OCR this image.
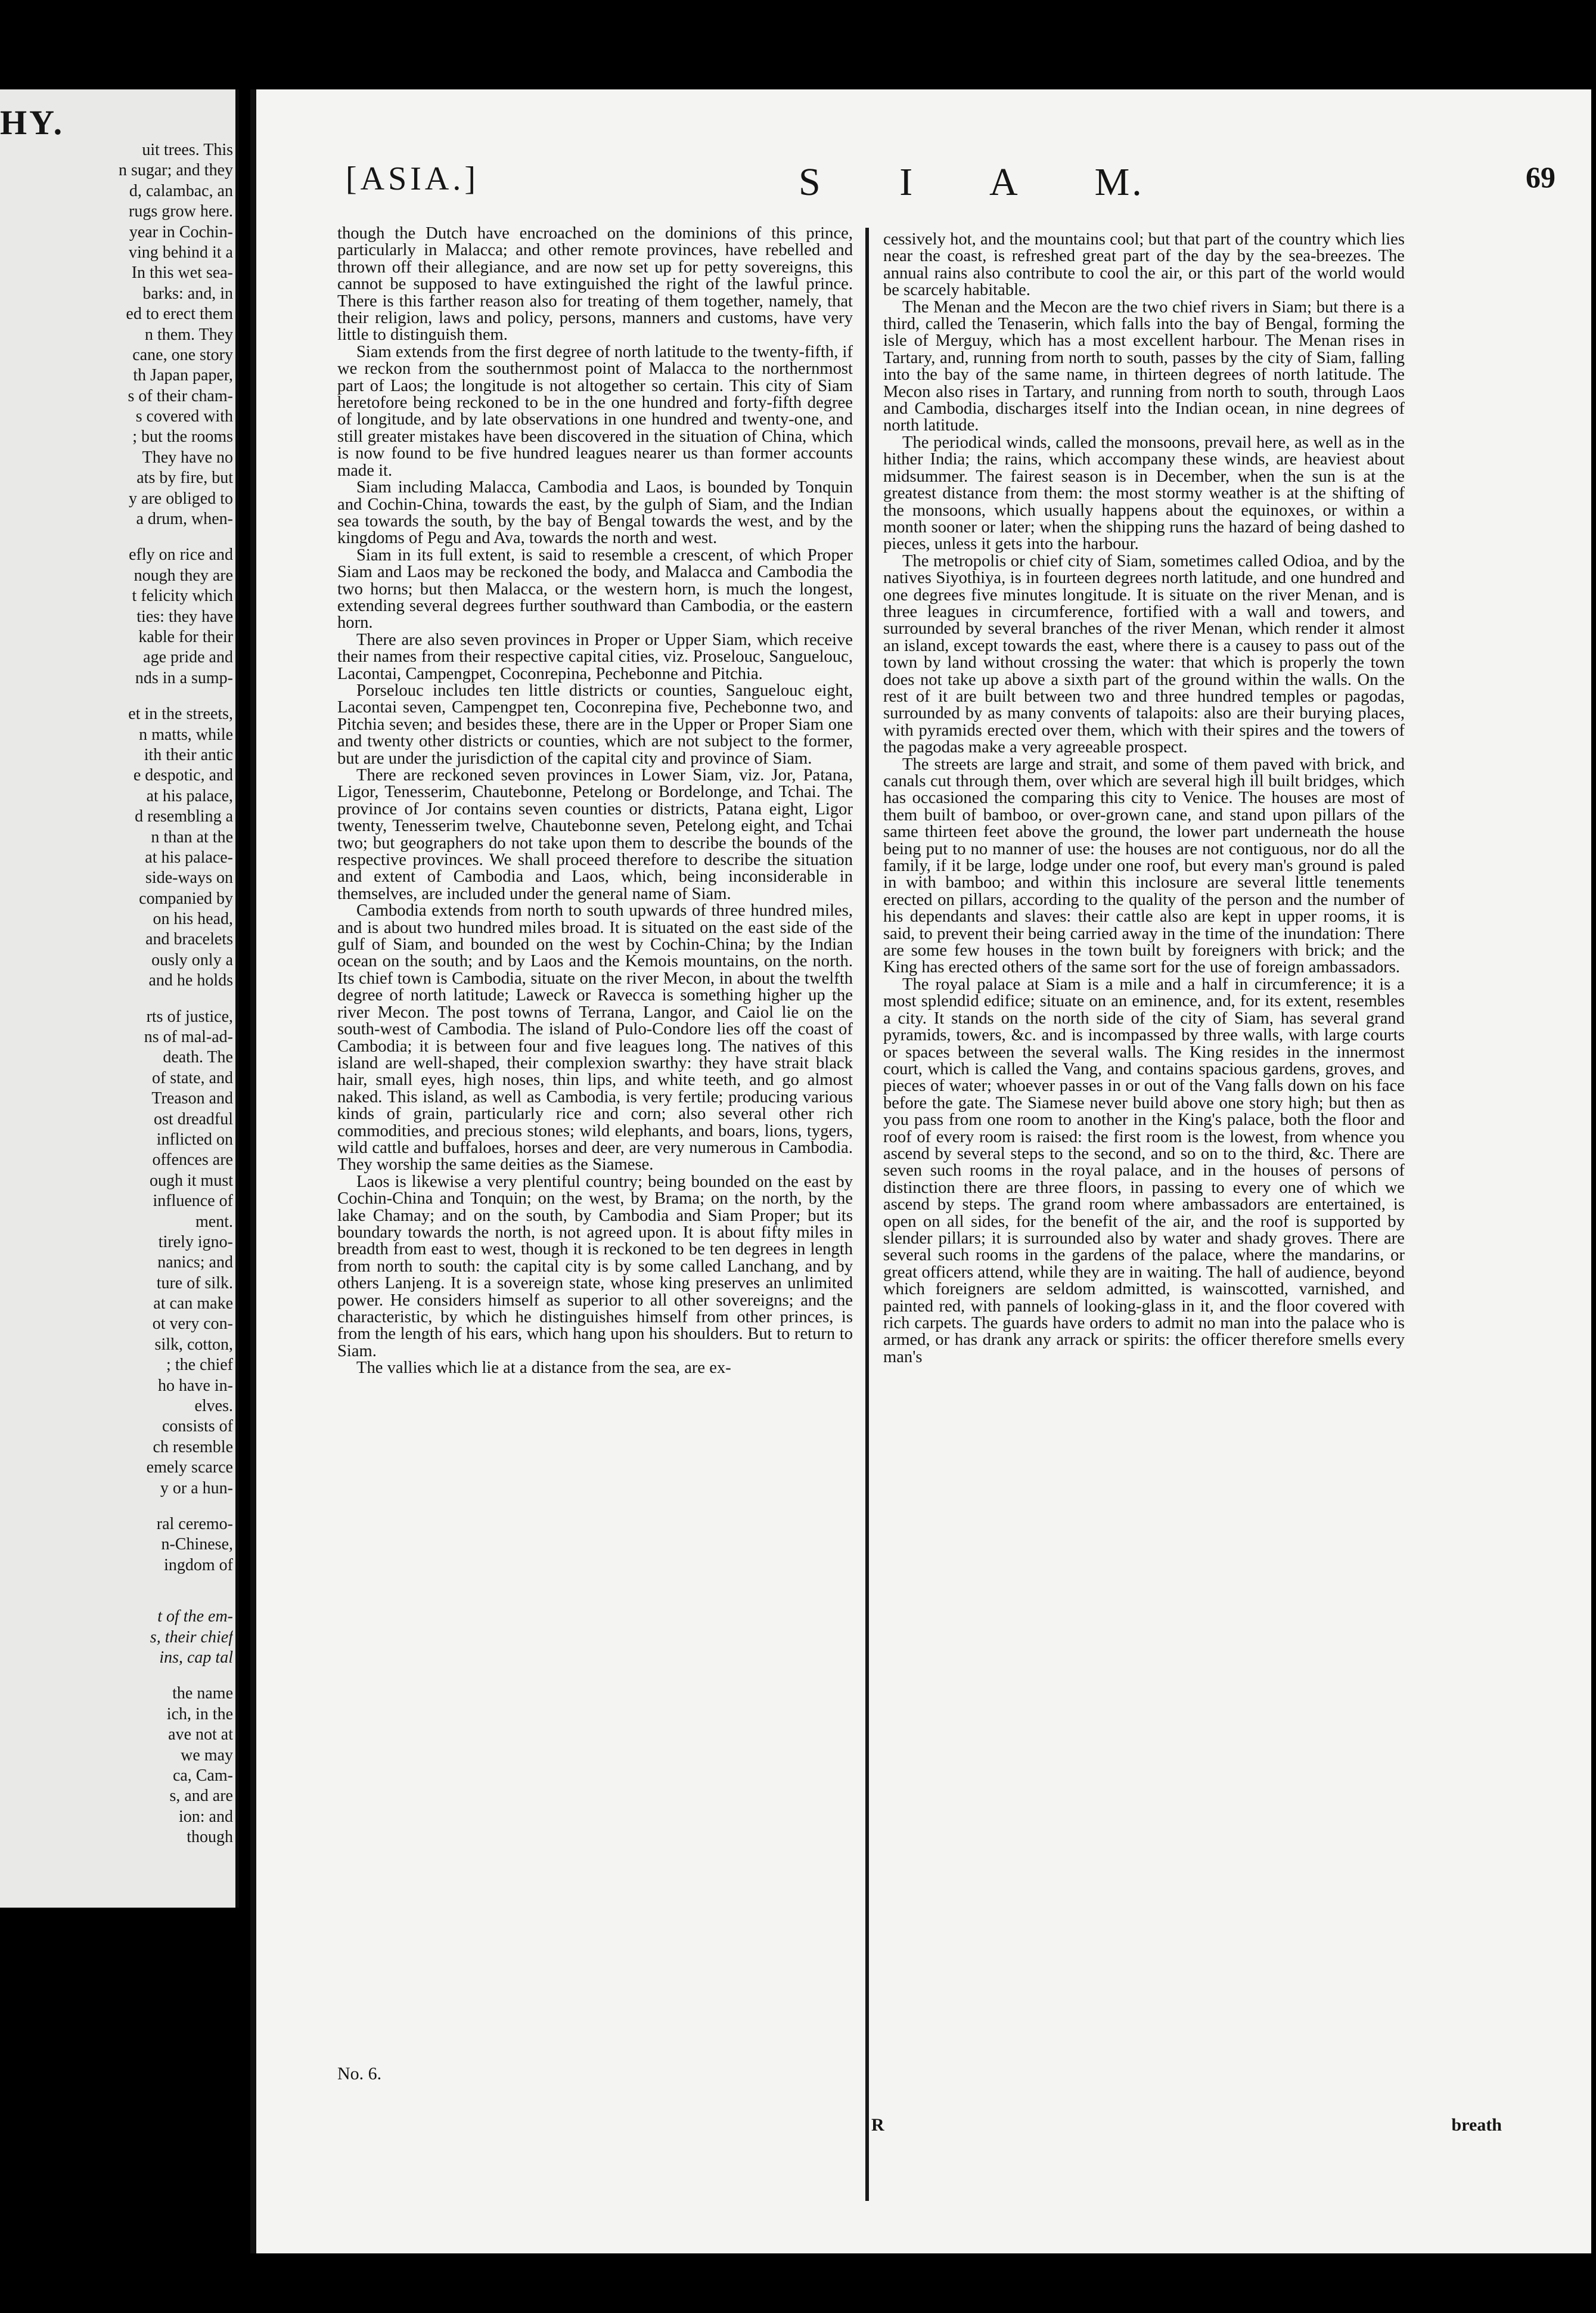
HY.
uit trees. This
n sugar; and they
d, calambac, an
rugs grow here.
year in Cochin-
ving behind it a
In this wet sea-
barks: and, in
ed to erect them
n them. They
cane, one story
th Japan paper,
s of their cham-
s covered with
; but the rooms
They have no
ats by fire, but
y are obliged to
a drum, when-
efly on rice and
nough they are
t felicity which
ties: they have
kable for their
age pride and
nds in a sump-
et in the streets,
n matts, while
ith their antic
e despotic, and
at his palace,
d resembling a
n than at the
at his palace-
side-ways on
companied by
on his head,
and bracelets
ously only a
and he holds
rts of justice,
ns of mal-ad-
death. The
of state, and
Treason and
ost dreadful
inflicted on
offences are
ough it must
influence of
ment.
tirely igno-
nanics; and
ture of silk.
at can make
ot very con-
silk, cotton,
; the chief
ho have in-
elves.
consists of
ch resemble
emely scarce
y or a hun-
ral ceremo-
n-Chinese,
ingdom of
t of the em-
s, their chief
ins, cap tal
the name
ich, in the
ave not at
we may
ca, Cam-
s, and are
ion: and
though
[ASIA.]	S I A M.	69

though the Dutch have encroached on the dominions of this prince, particularly in Malacca; and other remote provinces, have rebelled and thrown off their allegiance, and are now set up for petty sovereigns, this cannot be supposed to have extinguished the right of the lawful prince. There is this farther reason also for treating of them together, namely, that their religion, laws and policy, persons, manners and customs, have very little to distinguish them.

Siam extends from the first degree of north latitude to the twenty-fifth, if we reckon from the southernmost point of Malacca to the northernmost part of Laos; the longitude is not altogether so certain. This city of Siam heretofore being reckoned to be in the one hundred and forty-fifth degree of longitude, and by late observations in one hundred and twenty-one, and still greater mistakes have been discovered in the situation of China, which is now found to be five hundred leagues nearer us than former accounts made it.

Siam including Malacca, Cambodia and Laos, is bounded by Tonquin and Cochin-China, towards the east, by the gulph of Siam, and the Indian sea towards the south, by the bay of Bengal towards the west, and by the kingdoms of Pegu and Ava, towards the north and west.

Siam in its full extent, is said to resemble a crescent, of which Proper Siam and Laos may be reckoned the body, and Malacca and Cambodia the two horns; but then Malacca, or the western horn, is much the longest, extending several degrees further southward than Cambodia, or the eastern horn.

There are also seven provinces in Proper or Upper Siam, which receive their names from their respective capital cities, viz. Proselouc, Sanguelouc, Lacontai, Campengpet, Coconrepina, Pechebonne and Pitchia.

Porselouc includes ten little districts or counties, Sanguelouc eight, Lacontai seven, Campengpet ten, Coconrepina five, Pechebonne two, and Pitchia seven; and besides these, there are in the Upper or Proper Siam one and twenty other districts or counties, which are not subject to the former, but are under the jurisdiction of the capital city and province of Siam.

There are reckoned seven provinces in Lower Siam, viz. Jor, Patana, Ligor, Tenesserim, Chautebonne, Petelong or Bordelonge, and Tchai. The province of Jor contains seven counties or districts, Patana eight, Ligor twenty, Tenesserim twelve, Chautebonne seven, Petelong eight, and Tchai two; but geographers do not take upon them to describe the bounds of the respective provinces. We shall proceed therefore to describe the situation and extent of Cambodia and Laos, which, being inconsiderable in themselves, are included under the general name of Siam.

Cambodia extends from north to south upwards of three hundred miles, and is about two hundred miles broad. It is situated on the east side of the gulf of Siam, and bounded on the west by Cochin-China; by the Indian ocean on the south; and by Laos and the Kemois mountains, on the north. Its chief town is Cambodia, situate on the river Mecon, in about the twelfth degree of north latitude; Laweck or Ravecca is something higher up the river Mecon. The post towns of Terrana, Langor, and Caiol lie on the south-west of Cambodia. The island of Pulo-Condore lies off the coast of Cambodia; it is between four and five leagues long. The natives of this island are well-shaped, their complexion swarthy: they have strait black hair, small eyes, high noses, thin lips, and white teeth, and go almost naked. This island, as well as Cambodia, is very fertile; producing various kinds of grain, particularly rice and corn; also several other rich commodities, and precious stones; wild elephants, and boars, lions, tygers, wild cattle and buffaloes, horses and deer, are very numerous in Cambodia. They worship the same deities as the Siamese.

Laos is likewise a very plentiful country; being bounded on the east by Cochin-China and Tonquin; on the west, by Brama; on the north, by the lake Chamay; and on the south, by Cambodia and Siam Proper; but its boundary towards the north, is not agreed upon. It is about fifty miles in breadth from east to west, though it is reckoned to be ten degrees in length from north to south: the capital city is by some called Lanchang, and by others Lanjeng. It is a sovereign state, whose king preserves an unlimited power. He considers himself as superior to all other sovereigns; and the characteristic, by which he distinguishes himself from other princes, is from the length of his ears, which hang upon his shoulders. But to return to Siam.

The vallies which lie at a distance from the sea, are ex-

cessively hot, and the mountains cool; but that part of the country which lies near the coast, is refreshed great part of the day by the sea-breezes. The annual rains also contribute to cool the air, or this part of the world would be scarcely habitable.

The Menan and the Mecon are the two chief rivers in Siam; but there is a third, called the Tenaserin, which falls into the bay of Bengal, forming the isle of Merguy, which has a most excellent harbour. The Menan rises in Tartary, and, running from north to south, passes by the city of Siam, falling into the bay of the same name, in thirteen degrees of north latitude. The Mecon also rises in Tartary, and running from north to south, through Laos and Cambodia, discharges itself into the Indian ocean, in nine degrees of north latitude.

The periodical winds, called the monsoons, prevail here, as well as in the hither India; the rains, which accompany these winds, are heaviest about midsummer. The fairest season is in December, when the sun is at the greatest distance from them: the most stormy weather is at the shifting of the monsoons, which usually happens about the equinoxes, or within a month sooner or later; when the shipping runs the hazard of being dashed to pieces, unless it gets into the harbour.

The metropolis or chief city of Siam, sometimes called Odioa, and by the natives Siyothiya, is in fourteen degrees north latitude, and one hundred and one degrees five minutes longitude. It is situate on the river Menan, and is three leagues in circumference, fortified with a wall and towers, and surrounded by several branches of the river Menan, which render it almost an island, except towards the east, where there is a causey to pass out of the town by land without crossing the water: that which is properly the town does not take up above a sixth part of the ground within the walls. On the rest of it are built between two and three hundred temples or pagodas, surrounded by as many convents of talapoits: also are their burying places, with pyramids erected over them, which with their spires and the towers of the pagodas make a very agreeable prospect.

The streets are large and strait, and some of them paved with brick, and canals cut through them, over which are several high ill built bridges, which has occasioned the comparing this city to Venice. The houses are most of them built of bamboo, or over-grown cane, and stand upon pillars of the same thirteen feet above the ground, the lower part underneath the house being put to no manner of use: the houses are not contiguous, nor do all the family, if it be large, lodge under one roof, but every man's ground is paled in with bamboo; and within this inclosure are several little tenements erected on pillars, according to the quality of the person and the number of his dependants and slaves: their cattle also are kept in upper rooms, it is said, to prevent their being carried away in the time of the inundation: There are some few houses in the town built by foreigners with brick; and the King has erected others of the same sort for the use of foreign ambassadors.

The royal palace at Siam is a mile and a half in circumference; it is a most splendid edifice; situate on an eminence, and, for its extent, resembles a city. It stands on the north side of the city of Siam, has several grand pyramids, towers, &c. and is incompassed by three walls, with large courts or spaces between the several walls. The King resides in the innermost court, which is called the Vang, and contains spacious gardens, groves, and pieces of water; whoever passes in or out of the Vang falls down on his face before the gate. The Siamese never build above one story high; but then as you pass from one room to another in the King's palace, both the floor and roof of every room is raised: the first room is the lowest, from whence you ascend by several steps to the second, and so on to the third, &c. There are seven such rooms in the royal palace, and in the houses of persons of distinction there are three floors, in passing to every one of which we ascend by steps. The grand room where ambassadors are entertained, is open on all sides, for the benefit of the air, and the roof is supported by slender pillars; it is surrounded also by water and shady groves. There are several such rooms in the gardens of the palace, where the mandarins, or great officers attend, while they are in waiting. The hall of audience, beyond which foreigners are seldom admitted, is wainscotted, varnished, and painted red, with pannels of looking-glass in it, and the floor covered with rich carpets. The guards have orders to admit no man into the palace who is armed, or has drank any arrack or spirits: the officer therefore smells every man's

No. 6.
R	breath
